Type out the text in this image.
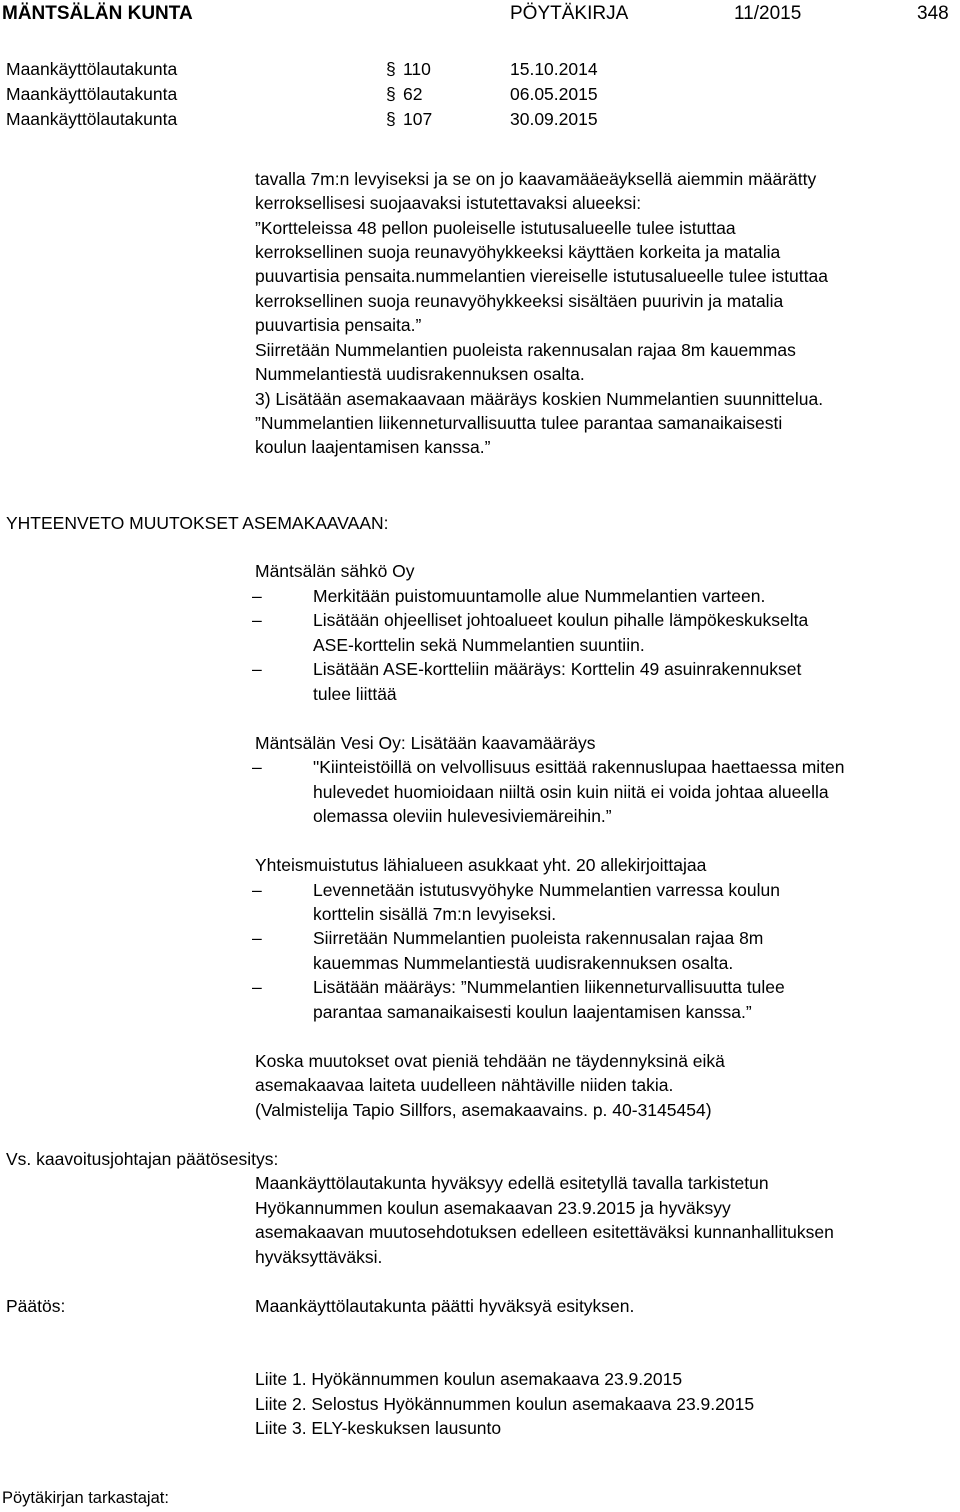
MÄNTSÄLÄN KUNTA	PÖYTÄKIRJA	11/2015	348
Maankäyttölautakunta	§ 110	15.10.2014
Maankäyttölautakunta	§ 62	06.05.2015
Maankäyttölautakunta	§ 107	30.09.2015
tavalla 7m:n levyiseksi ja se on jo kaavamääeäyksellä aiemmin määrätty
kerroksellisesi suojaavaksi istutettavaksi alueeksi:
”Kortteleissa 48 pellon puoleiselle istutusalueelle tulee istuttaa
kerroksellinen suoja reunavyöhykkeeksi käyttäen korkeita ja matalia
puuvartisia pensaita.nummelantien viereiselle istutusalueelle tulee istuttaa
kerroksellinen suoja reunavyöhykkeeksi sisältäen puurivin ja matalia
puuvartisia pensaita.”
Siirretään Nummelantien puoleista rakennusalan rajaa 8m kauemmas
Nummelantiestä uudisrakennuksen osalta.
3) Lisätään asemakaavaan määräys koskien Nummelantien suunnittelua.
”Nummelantien liikenneturvallisuutta tulee parantaa samanaikaisesti
koulun laajentamisen kanssa.”
YHTEENVETO MUUTOKSET ASEMAKAAVAAN:
Mäntsälän sähkö Oy
–	Merkitään puistomuuntamolle alue Nummelantien varteen.
–	Lisätään ohjeelliset johtoalueet koulun pihalle lämpökeskukselta
ASE-korttelin sekä Nummelantien suuntiin.
–	Lisätään ASE-kortteliin määräys: Korttelin 49 asuinrakennukset
tulee liittää
Mäntsälän Vesi Oy: Lisätään kaavamääräys
–	"Kiinteistöillä on velvollisuus esittää rakennuslupaa haettaessa miten
hulevedet huomioidaan niiltä osin kuin niitä ei voida johtaa alueella
olemassa oleviin hulevesiviemäreihin.”
Yhteismuistutus lähialueen asukkaat yht. 20 allekirjoittajaa
–	Levennetään istutusvyöhyke Nummelantien varressa koulun
korttelin sisällä 7m:n levyiseksi.
–	Siirretään Nummelantien puoleista rakennusalan rajaa 8m
kauemmas Nummelantiestä uudisrakennuksen osalta.
–	Lisätään määräys: ”Nummelantien liikenneturvallisuutta tulee
parantaa samanaikaisesti koulun laajentamisen kanssa.”
Koska muutokset ovat pieniä tehdään ne täydennyksinä eikä
asemakaavaa laiteta uudelleen nähtäville niiden takia.
(Valmistelija Tapio Sillfors, asemakaavains. p. 40-3145454)
Vs. kaavoitusjohtajan päätösesitys:
Maankäyttölautakunta hyväksyy edellä esitetyllä tavalla tarkistetun
Hyökannummen koulun asemakaavan 23.9.2015 ja hyväksyy
asemakaavan muutosehdotuksen edelleen esitettäväksi kunnanhallituksen
hyväksyttäväksi.
Päätös:	Maankäyttölautakunta päätti hyväksyä esityksen.
Liite 1. Hyökännummen koulun asemakaava 23.9.2015
Liite 2. Selostus Hyökännummen koulun asemakaava 23.9.2015
Liite 3. ELY-keskuksen lausunto
Pöytäkirjan tarkastajat:
